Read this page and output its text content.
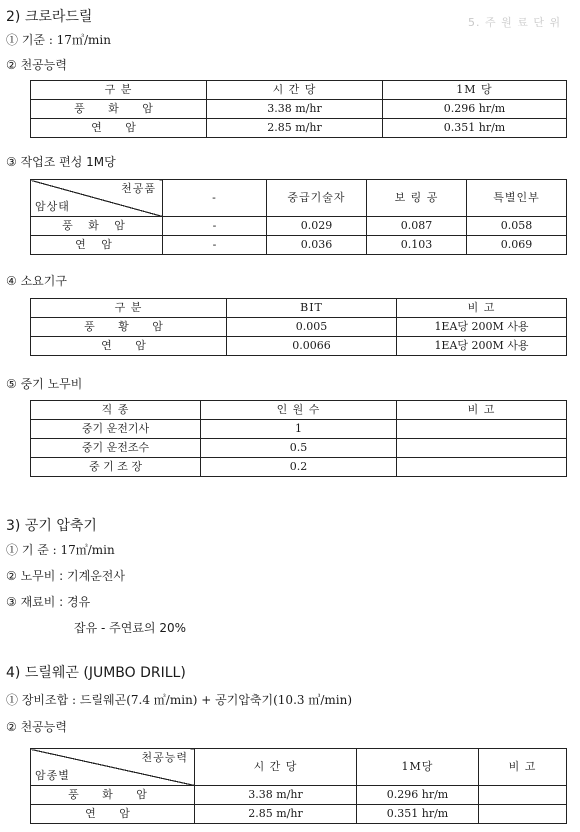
5. 주 원 료 단 위
2) 크로라드릴
① 기준 : 17㎥/min
② 천공능력
구 분	시 간 당	1M 당
풍 화 암	3.38 m/hr	0.296 hr/m
연 암	2.85 m/hr	0.351 hr/m
③ 작업조 편성 1M당
천공품
암상태	-	중급기술자	보 링 공	특별인부
풍 화 암	-	0.029	0.087	0.058
연 암	-	0.036	0.103	0.069
④ 소요기구
구 분	BIT	비 고
풍 황 암	0.005	1EA당 200M 사용
연 암	0.0066	1EA당 200M 사용
⑤ 중기 노무비
직 종	인 원 수	비 고
중기 운전기사	1	
중기 운전조수	0.5	
중 기 조 장	0.2	
3) 공기 압축기
① 기 준 : 17㎥/min
② 노무비 : 기계운전사
③ 재료비 : 경유
잡유 - 주연료의 20%
4) 드릴웨곤 (JUMBO DRILL)
① 장비조합 : 드릴웨곤(7.4 ㎥/min) + 공기압축기(10.3 ㎥/min)
② 천공능력
천공능력
암종별	시 간 당	1M당	비 고
풍 화 암	3.38 m/hr	0.296 hr/m	
연 암	2.85 m/hr	0.351 hr/m	
